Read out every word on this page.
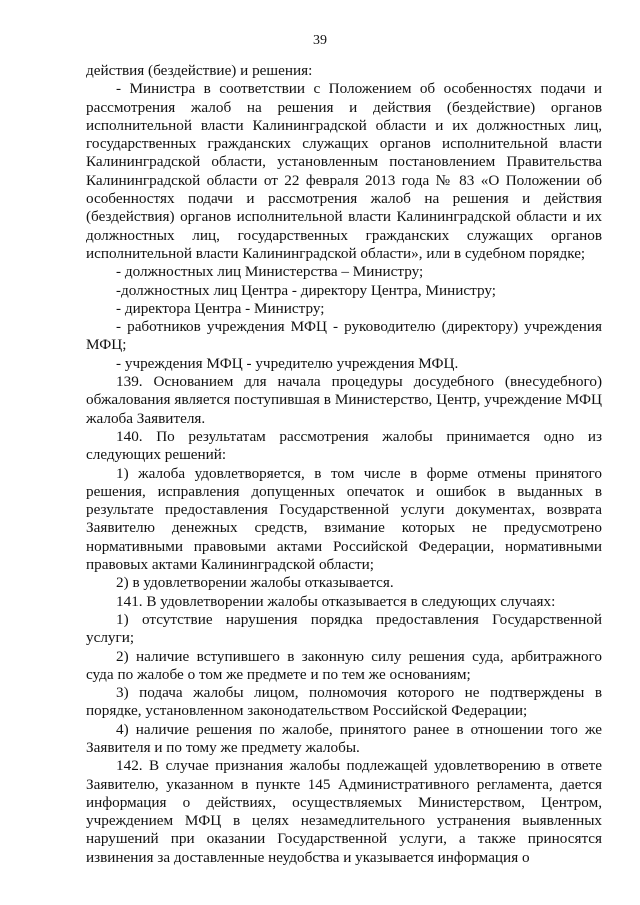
39

действия (бездействие) и решения:

- Министра в соответствии с Положением об особенностях подачи и рассмотрения жалоб на решения и действия (бездействие) органов исполнительной власти Калининградской области и их должностных лиц, государственных гражданских служащих органов исполнительной власти Калининградской области, установленным постановлением Правительства Калининградской области от 22 февраля 2013 года № 83 «О Положении об особенностях подачи и рассмотрения жалоб на решения и действия (бездействия) органов исполнительной власти Калининградской области и их должностных лиц, государственных гражданских служащих органов исполнительной власти Калининградской области», или в судебном порядке;

- должностных лиц Министерства – Министру;

-должностных лиц Центра - директору Центра, Министру;

- директора Центра - Министру;

- работников учреждения МФЦ - руководителю (директору) учреждения МФЦ;

- учреждения МФЦ - учредителю учреждения МФЦ.

139. Основанием для начала процедуры досудебного (внесудебного) обжалования является поступившая в Министерство, Центр, учреждение МФЦ жалоба Заявителя.

140. По результатам рассмотрения жалобы принимается одно из следующих решений:

1) жалоба удовлетворяется, в том числе в форме отмены принятого решения, исправления допущенных опечаток и ошибок в выданных в результате предоставления Государственной услуги документах, возврата Заявителю денежных средств, взимание которых не предусмотрено нормативными правовыми актами Российской Федерации, нормативными правовых актами Калининградской области;

2) в удовлетворении жалобы отказывается.

141. В удовлетворении жалобы отказывается в следующих случаях:

1) отсутствие нарушения порядка предоставления Государственной услуги;

2) наличие вступившего в законную силу решения суда, арбитражного суда по жалобе о том же предмете и по тем же основаниям;

3) подача жалобы лицом, полномочия которого не подтверждены в порядке, установленном законодательством Российской Федерации;

4) наличие решения по жалобе, принятого ранее в отношении того же Заявителя и по тому же предмету жалобы.

142. В случае признания жалобы подлежащей удовлетворению в ответе Заявителю, указанном в пункте 145 Административного регламента, дается информация о действиях, осуществляемых Министерством, Центром, учреждением МФЦ в целях незамедлительного устранения выявленных нарушений при оказании Государственной услуги, а также приносятся извинения за доставленные неудобства и указывается информация о
